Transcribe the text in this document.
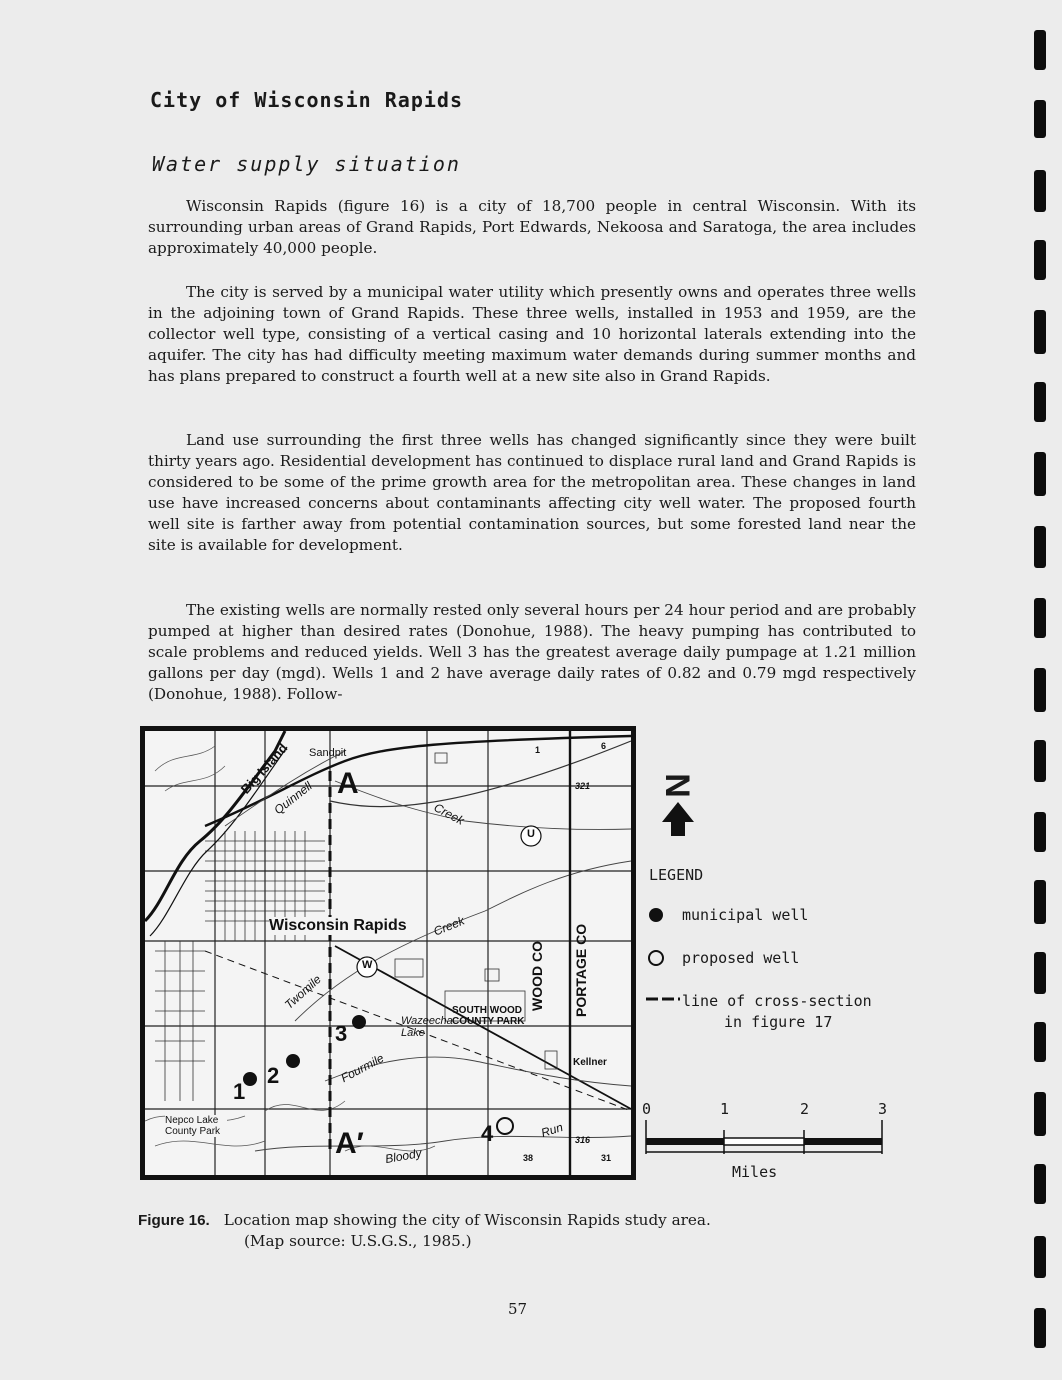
City of Wisconsin Rapids
Water supply situation

Wisconsin Rapids (figure 16) is a city of 18,700 people in central Wisconsin. With its surrounding urban areas of Grand Rapids, Port Edwards, Nekoosa and Saratoga, the area includes approximately 40,000 people.

The city is served by a municipal water utility which presently owns and operates three wells in the adjoining town of Grand Rapids. These three wells, installed in 1953 and 1959, are the collector well type, consisting of a vertical casing and 10 horizontal laterals extending into the aquifer. The city has had difficulty meeting maximum water demands during summer months and has plans prepared to construct a fourth well at a new site also in Grand Rapids.

Land use surrounding the first three wells has changed significantly since they were built thirty years ago. Residential development has continued to displace rural land and Grand Rapids is considered to be some of the prime growth area for the metropolitan area. These changes in land use have increased concerns about contaminants affecting city well water. The proposed fourth well site is farther away from potential contamination sources, but some forested land near the site is available for development.

The existing wells are normally rested only several hours per 24 hour period and are probably pumped at higher than desired rates (Donohue, 1988). The heavy pumping has contributed to scale problems and reduced yields. Well 3 has the greatest average daily pumpage at 1.21 million gallons per day (mgd). Wells 1 and 2 have average daily rates of 0.82 and 0.79 mgd respectively (Donohue, 1988). Follow-

Big Island Sandpit
Quinnell	Creek
Creek
Wisconsin Rapids
Twomile
Fourmile
WOOD CO PORTAGE CO
SOUTH WOOD COUNTY PARK
Wazeecha Lake
Kellner
Nepco Lake County Park
Bloody
Run
A
A′
1
2
3
4
U
W
321
316
38
1	6
31
N
LEGEND
municipal well
proposed well
line of cross-section
in figure 17
0	1	2	3
Miles
Figure 16. Location map showing the city of Wisconsin Rapids study area.
(Map source: U.S.G.S., 1985.)
57
